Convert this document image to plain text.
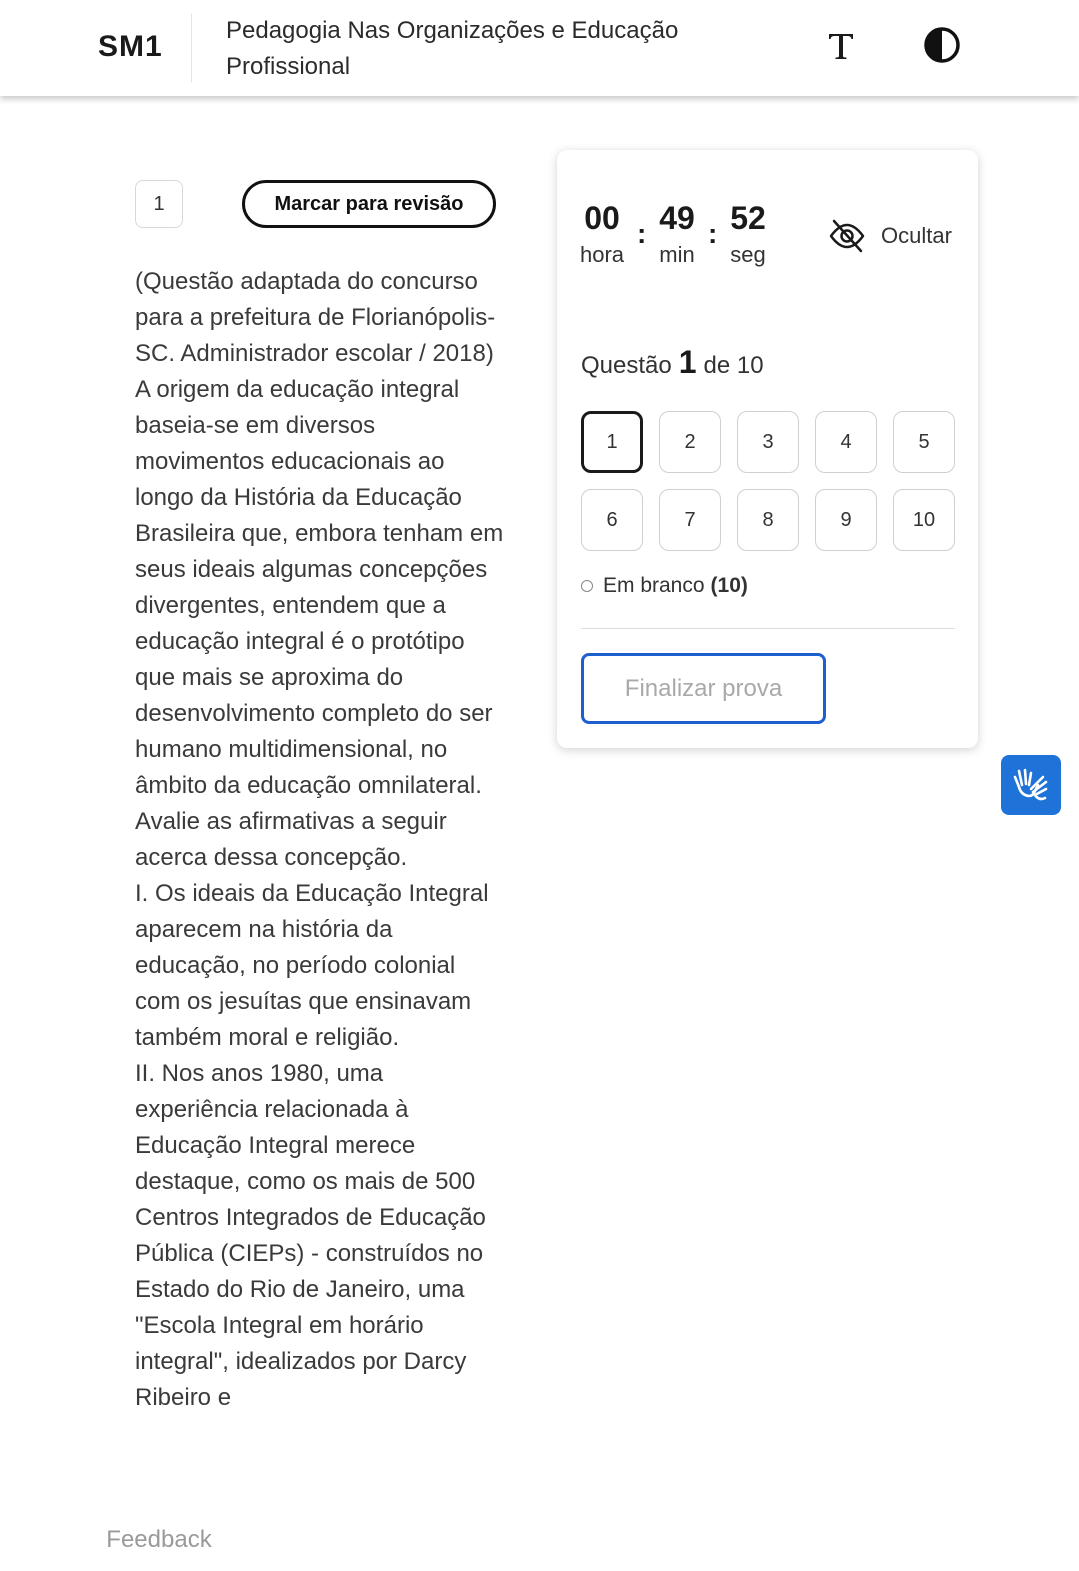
SM1	Pedagogia Nas Organizações e Educação Profissional
1	Marcar para revisão

(Questão adaptada do concurso para a prefeitura de Florianópolis-SC. Administrador escolar / 2018) A origem da educação integral baseia-se em diversos movimentos educacionais ao longo da História da Educação Brasileira que, embora tenham em seus ideais algumas concepções divergentes, entendem que a educação integral é o protótipo que mais se aproxima do desenvolvimento completo do ser humano multidimensional, no âmbito da educação omnilateral.

Avalie as afirmativas a seguir acerca dessa concepção.

I. Os ideais da Educação Integral aparecem na história da educação, no período colonial com os jesuítas que ensinavam também moral e religião.

II. Nos anos 1980, uma experiência relacionada à Educação Integral merece destaque, como os mais de 500 Centros Integrados de Educação Pública (CIEPs) - construídos no Estado do Rio de Janeiro, uma "Escola Integral em horário integral", idealizados por Darcy Ribeiro e

00
hora
: 49
min
: 52
seg
Ocultar
Questão 1 de 10
1	2	3	4	5
6	7	8	9	10
Em branco (10)
Finalizar prova
Feedback
